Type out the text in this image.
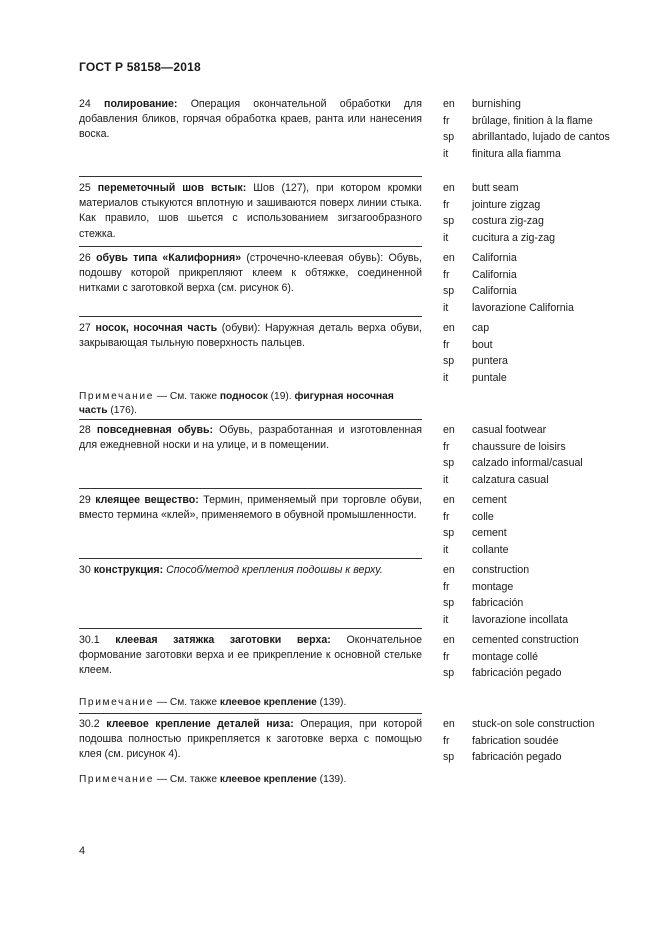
ГОСТ Р 58158—2018
24 полирование: Операция окончательной обработки для добавления бликов, горячая обработка краев, ранта или нанесения воска.
en	burnishing
fr	brûlage, finition à la flame
sp	abrillantado, lujado de cantos
it	finitura alla fiamma
25 переметочный шов встык: Шов (127), при котором кромки материалов стыкуются вплотную и зашиваются поверх линии стыка. Как правило, шов шьется с использованием зигзагообразного стежка.
en	butt seam
fr	jointure zigzag
sp	costura zig-zag
it	cucitura a zig-zag
26 обувь типа «Калифорния» (строчечно-клеевая обувь): Обувь, подошву которой прикрепляют клеем к обтяжке, соединенной нитками с заготовкой верха (см. рисунок 6).
en	California
fr	California
sp	California
it	lavorazione California
27 носок, носочная часть (обуви): Наружная деталь верха обуви, закрывающая тыльную поверхность пальцев.
en	cap
fr	bout
sp	puntera
it	puntale
Примечание — См. также подносок (19). фигурная носочная часть (176).
28 повседневная обувь: Обувь, разработанная и изготовленная для ежедневной носки и на улице, и в помещении.
en	casual footwear
fr	chaussure de loisirs
sp	calzado informal/casual
it	calzatura casual
29 клеящее вещество: Термин, применяемый при торговле обуви, вместо термина «клей», применяемого в обувной промышленности.
en	cement
fr	colle
sp	cement
it	collante
30 конструкция: Способ/метод крепления подошвы к верху.	en	construction
fr	montage
sp	fabricación
it	lavorazione incollata
30.1 клеевая затяжка заготовки верха: Окончательное формование заготовки верха и ее прикрепление к основной стельке клеем.
en	cemented construction
fr	montage collé
sp	fabricación pegado
Примечание — См. также клеевое крепление (139).
30.2 клеевое крепление деталей низа: Операция, при которой подошва полностью прикрепляется к заготовке верха с помощью клея (см. рисунок 4).
en	stuck-on sole construction
fr	fabrication soudée
sp	fabricación pegado
Примечание — См. также клеевое крепление (139).
4
